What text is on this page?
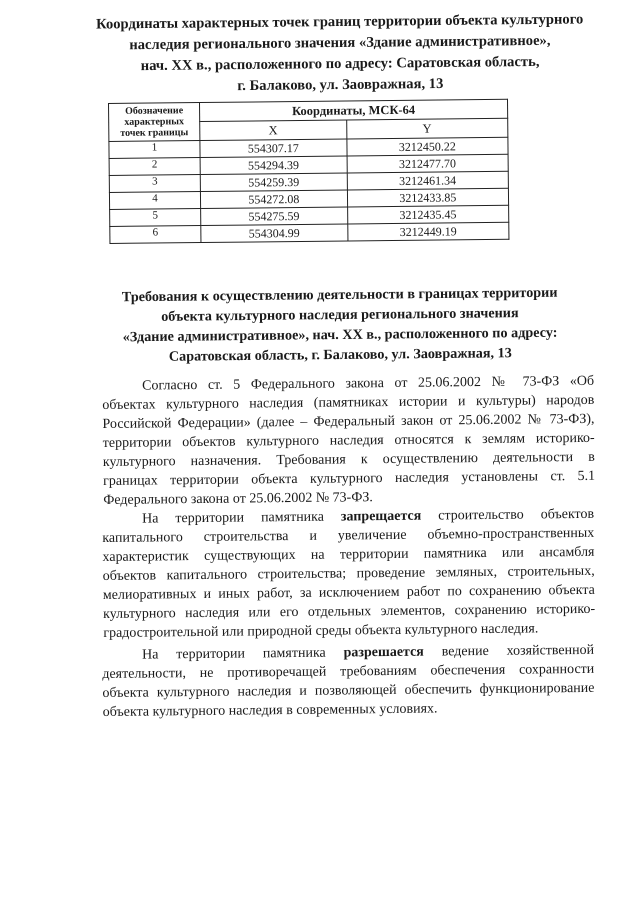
Координаты характерных точек границ территории объекта культурного
наследия регионального значения «Здание административное»,
нач. XX в., расположенного по адресу: Саратовская область,
г. Балаково, ул. Заовражная, 13
Обозначение
характерных
точек границы	Координаты, МСК-64	
	X	Y
1	554307.17	3212450.22
2	554294.39	3212477.70
3	554259.39	3212461.34
4	554272.08	3212433.85
5	554275.59	3212435.45
6	554304.99	3212449.19
Требования к осуществлению деятельности в границах территории
объекта культурного наследия регионального значения
«Здание административное», нач. XX в., расположенного по адресу:
Саратовская область, г. Балаково, ул. Заовражная, 13
Согласно ст. 5 Федерального закона от 25.06.2002 № 73-ФЗ «Об
объектах культурного наследия (памятниках истории и культуры) народов
Российской Федерации» (далее – Федеральный закон от 25.06.2002 № 73-ФЗ),
территории объектов культурного наследия относятся к землям историко-
культурного назначения. Требования к осуществлению деятельности в
границах территории объекта культурного наследия установлены ст. 5.1
Федерального закона от 25.06.2002 № 73-ФЗ.
На территории памятника запрещается строительство объектов
капитального строительства и увеличение объемно-пространственных
характеристик существующих на территории памятника или ансамбля
объектов капитального строительства; проведение земляных, строительных,
мелиоративных и иных работ, за исключением работ по сохранению объекта
культурного наследия или его отдельных элементов, сохранению историко-
градостроительной или природной среды объекта культурного наследия.
На территории памятника разрешается ведение хозяйственной
деятельности, не противоречащей требованиям обеспечения сохранности
объекта культурного наследия и позволяющей обеспечить функционирование
объекта культурного наследия в современных условиях.
